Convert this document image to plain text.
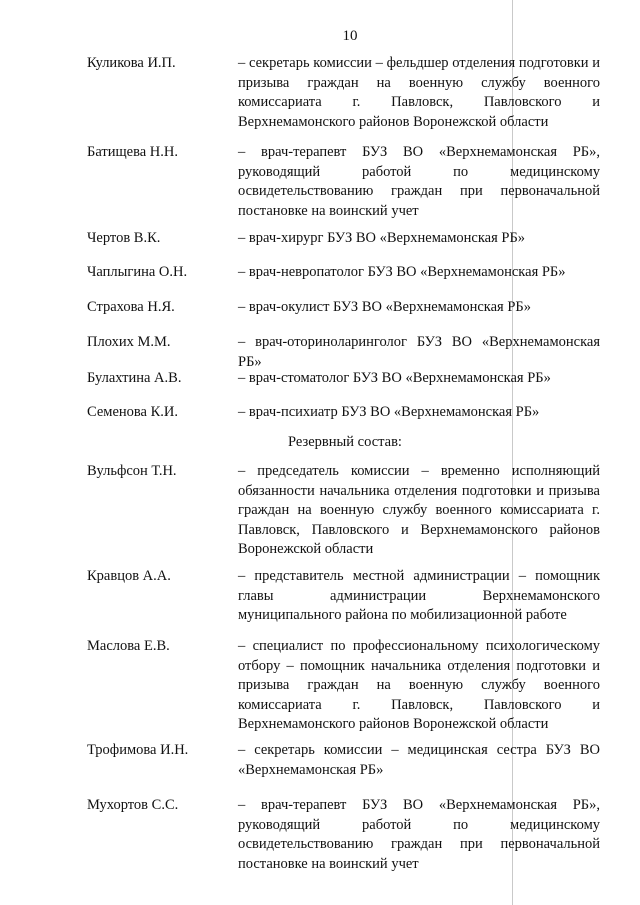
10
Куликова И.П.	– секретарь комиссии – фельдшер отделения подготовки и призыва граждан на военную службу военного комиссариата г. Павловск, Павловского и Верхнемамонского районов Воронежской области
Батищева Н.Н.	– врач-терапевт БУЗ ВО «Верхнемамонская РБ», руководящий работой по медицинскому освидетельствованию граждан при первоначальной постановке на воинский учет
Чертов В.К.	– врач-хирург БУЗ ВО «Верхнемамонская РБ»
Чаплыгина О.Н.	– врач-невропатолог БУЗ ВО «Верхнемамонская РБ»
Страхова Н.Я.	– врач-окулист БУЗ ВО «Верхнемамонская РБ»
Плохих М.М.	– врач-оториноларинголог БУЗ ВО «Верхнемамонская РБ»
Булахтина А.В.	– врач-стоматолог БУЗ ВО «Верхнемамонская РБ»
Семенова К.И.	– врач-психиатр БУЗ ВО «Верхнемамонская РБ»
Резервный состав:
Вульфсон Т.Н.	– председатель комиссии – временно исполняющий обязанности начальника отделения подготовки и призыва граждан на военную службу военного комиссариата г. Павловск, Павловского и Верхнемамонского районов Воронежской области
Кравцов А.А.	– представитель местной администрации – помощник главы администрации Верхнемамонского муниципального района по мобилизационной работе
Маслова Е.В.	– специалист по профессиональному психологическому отбору – помощник начальника отделения подготовки и призыва граждан на военную службу военного комиссариата г. Павловск, Павловского и Верхнемамонского районов Воронежской области
Трофимова И.Н.	– секретарь комиссии – медицинская сестра БУЗ ВО «Верхнемамонская РБ»
Мухортов С.С.	– врач-терапевт БУЗ ВО «Верхнемамонская РБ», руководящий работой по медицинскому освидетельствованию граждан при первоначальной постановке на воинский учет
